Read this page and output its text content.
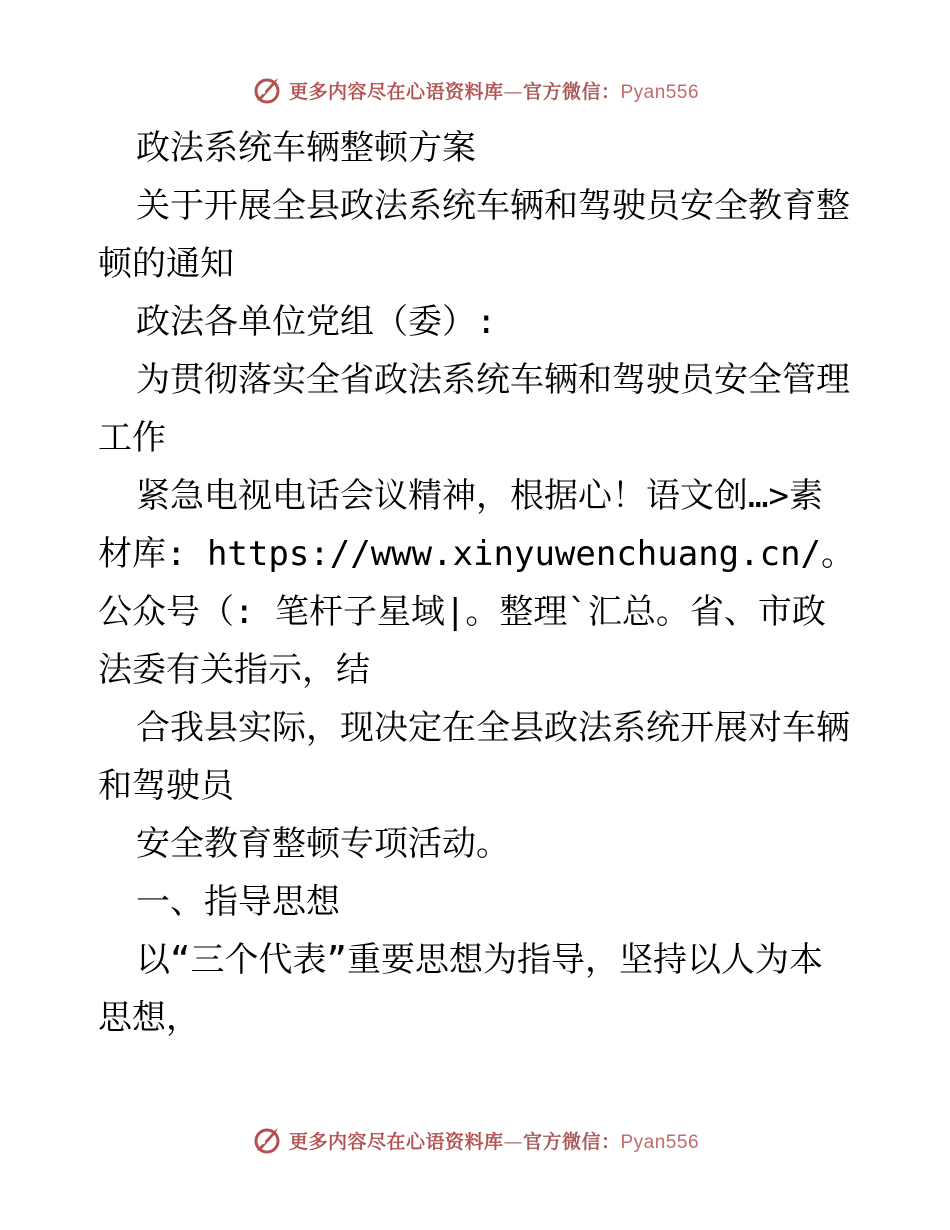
更多内容尽在心语资料库—官方微信：Pyan556

政法系统车辆整顿方案

关于开展全县政法系统车辆和驾驶员安全教育整顿的通知

政法各单位党组（委）:

为贯彻落实全省政法系统车辆和驾驶员安全管理工作

紧急电视电话会议精神，根据心！语文创…>素材库: https://www.xinyuwenchuang.cn/。公众号（: 笔杆子星域|。整理`汇总。省、市政法委有关指示，结

合我县实际，现决定在全县政法系统开展对车辆和驾驶员

安全教育整顿专项活动。

一、指导思想

以“三个代表”重要思想为指导，坚持以人为本思想，

更多内容尽在心语资料库—官方微信：Pyan556
